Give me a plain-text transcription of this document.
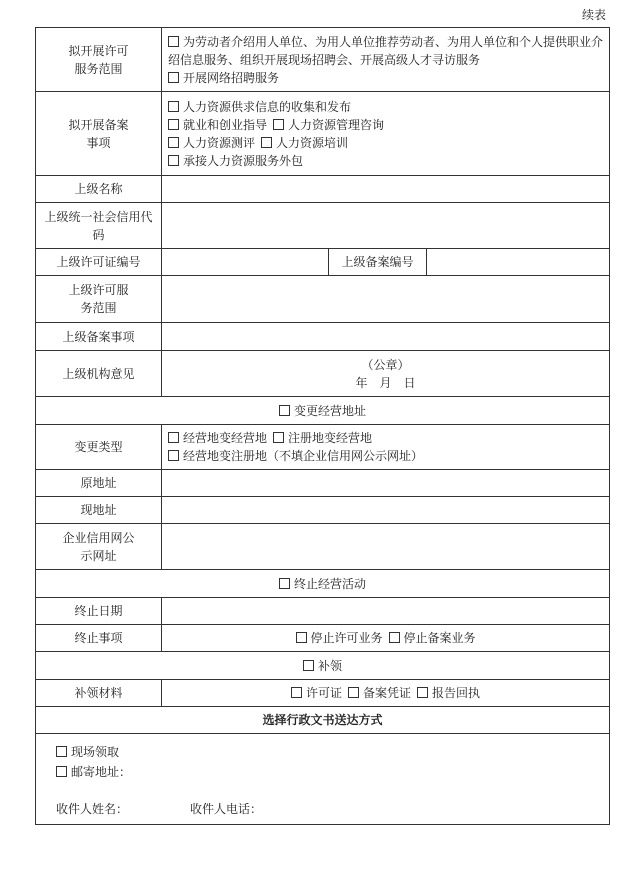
续表
拟开展许可服务范围	为劳动者介绍用人单位、为用人单位推荐劳动者、为用人单位和个人提供职业介绍信息服务、组织开展现场招聘会、开展高级人才寻访服务
开展网络招聘服务		

拟开展备案事项	人力资源供求信息的收集和发布
就业和创业指导 人力资源管理咨询
人力资源测评 人力资源培训
承接人力资源服务外包		

上级名称			
上级统一社会信用代码			
上级许可证编号		上级备案编号	
上级许可服务范围			
上级备案事项			
上级机构意见	（公章）
年　月　日		

变更经营地址			
变更类型	经营地变经营地 注册地变经营地
经营地变注册地（不填企业信用网公示网址）		

原地址			
现地址			
企业信用网公示网址			
终止经营活动			
终止日期			
终止事项	停止许可业务 停止备案业务		
补领			
补领材料	许可证 备案凭证 报告回执		
选择行政文书送达方式			

现场领取
邮寄地址：
收件人姓名： 收件人电话：			
